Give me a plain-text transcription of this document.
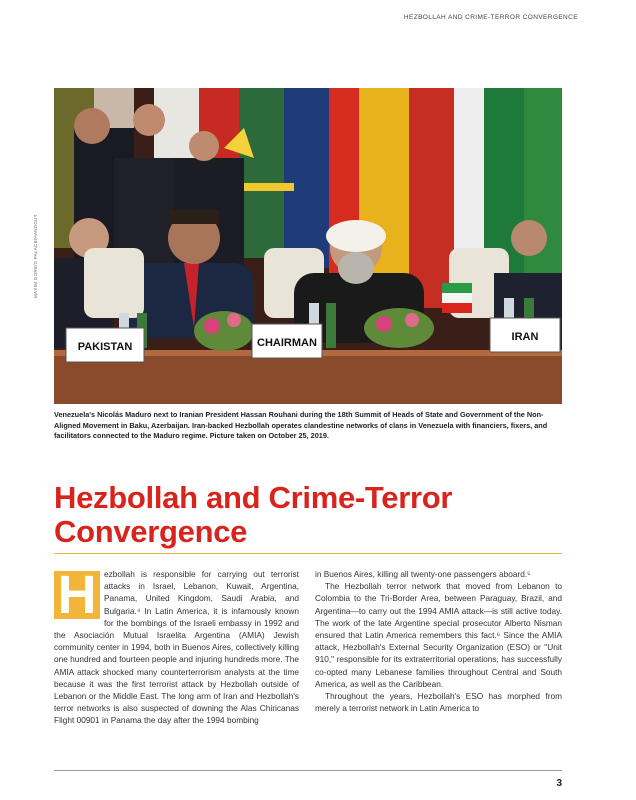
HEZBOLLAH AND CRIME-TERROR CONVERGENCE
MAXIM GORE/S PALACE/HANDOUT
PAKISTAN	CHAIRMAN	IRAN
Venezuela's Nicolás Maduro next to Iranian President Hassan Rouhani during the 18th Summit of Heads of State and Government of the Non-Aligned Movement in Baku, Azerbaijan. Iran-backed Hezbollah operates clandestine networks of clans in Venezuela with financiers, fixers, and facilitators connected to the Maduro regime. Picture taken on October 25, 2019.
Hezbollah and Crime-Terror
Convergence

H ezbollah is responsible for carrying out terrorist attacks in Israel, Lebanon, Kuwait, Argentina, Panama, United Kingdom, Saudi Arabia, and Bulgaria.⁴ In Latin America, it is infamously known for the bombings of the Israeli embassy in 1992 and the Asociación Mutual Israelita Argentina (AMIA) Jewish community center in 1994, both in Buenos Aires, collectively killing one hundred and fourteen people and injuring hundreds more. The AMIA attack shocked many counterterrorism analysts at the time because it was the first terrorist attack by Hezbollah outside of Lebanon or the Middle East. The long arm of Iran and Hezbollah's terror networks is also suspected of downing the Alas Chiricanas Flight 00901 in Panama the day after the 1994 bombing

in Buenos Aires, killing all twenty-one passengers aboard.⁵

The Hezbollah terror network that moved from Lebanon to Colombia to the Tri-Border Area, between Paraguay, Brazil, and Argentina—to carry out the 1994 AMIA attack—is still active today. The work of the late Argentine special prosecutor Alberto Nisman ensured that Latin America remembers this fact.⁶ Since the AMIA attack, Hezbollah's External Security Organization (ESO) or "Unit 910," responsible for its extraterritorial operations, has successfully co-opted many Lebanese families throughout Central and South America, as well as the Caribbean.

Throughout the years, Hezbollah's ESO has morphed from merely a terrorist network in Latin America to

3
